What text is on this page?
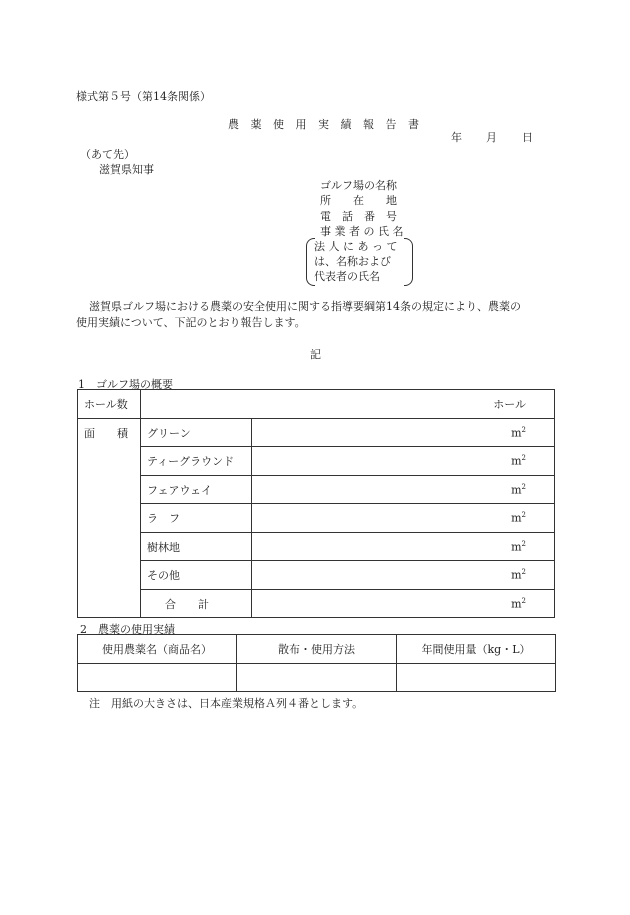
様式第５号（第14条関係）
農 薬 使 用 実 績 報 告 書
年 月 日
（あて先）
滋賀県知事
ゴルフ場の名称
所　　在　　地
電　話　番　号
事 業 者 の 氏 名
法 人 に あ っ て
は、名称および
代表者の氏名
滋賀県ゴルフ場における農薬の安全使用に関する指導要綱第14条の規定により、農薬の
使用実績について、下記のとおり報告します。
記
1　ゴルフ場の概要
ホール数	ホール	
面　　積	グリーン	$m^2$
	ティーグラウンド	$m^2$
	フェアウェイ	$m^2$
	ラ　フ	$m^2$
	樹林地	$m^2$
	その他	$m^2$
	合　　計	$m^2$
2　農薬の使用実績
使用農薬名（商品名）	散布・使用方法	年間使用量（kg・L）

注　用紙の大きさは、日本産業規格Ａ列４番とします。
